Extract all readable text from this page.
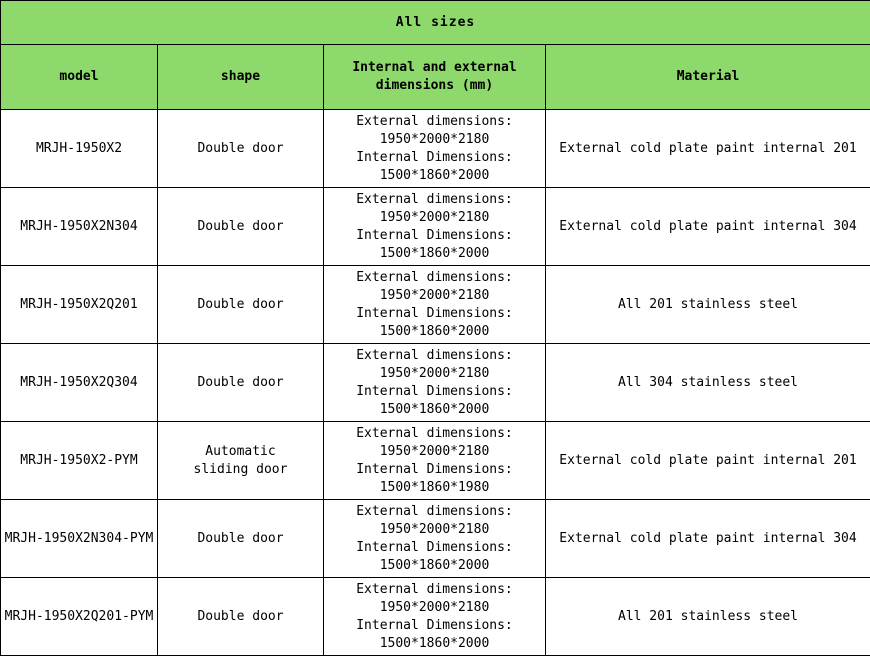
All sizes			
model	shape	Internal and external dimensions (mm)	Material
MRJH-1950X2	Double door	External dimensions:
1950*2000*2180
Internal Dimensions:
1500*1860*2000	External cold plate paint internal 201
MRJH-1950X2N304	Double door	External dimensions:
1950*2000*2180
Internal Dimensions:
1500*1860*2000	External cold plate paint internal 304
MRJH-1950X2Q201	Double door	External dimensions:
1950*2000*2180
Internal Dimensions:
1500*1860*2000	All 201 stainless steel
MRJH-1950X2Q304	Double door	External dimensions:
1950*2000*2180
Internal Dimensions:
1500*1860*2000	All 304 stainless steel
MRJH-1950X2-PYM	Automatic sliding door	External dimensions:
1950*2000*2180
Internal Dimensions:
1500*1860*1980	External cold plate paint internal 201
MRJH-1950X2N304-PYM	Double door	External dimensions:
1950*2000*2180
Internal Dimensions:
1500*1860*2000	External cold plate paint internal 304
MRJH-1950X2Q201-PYM	Double door	External dimensions:
1950*2000*2180
Internal Dimensions:
1500*1860*2000	All 201 stainless steel
